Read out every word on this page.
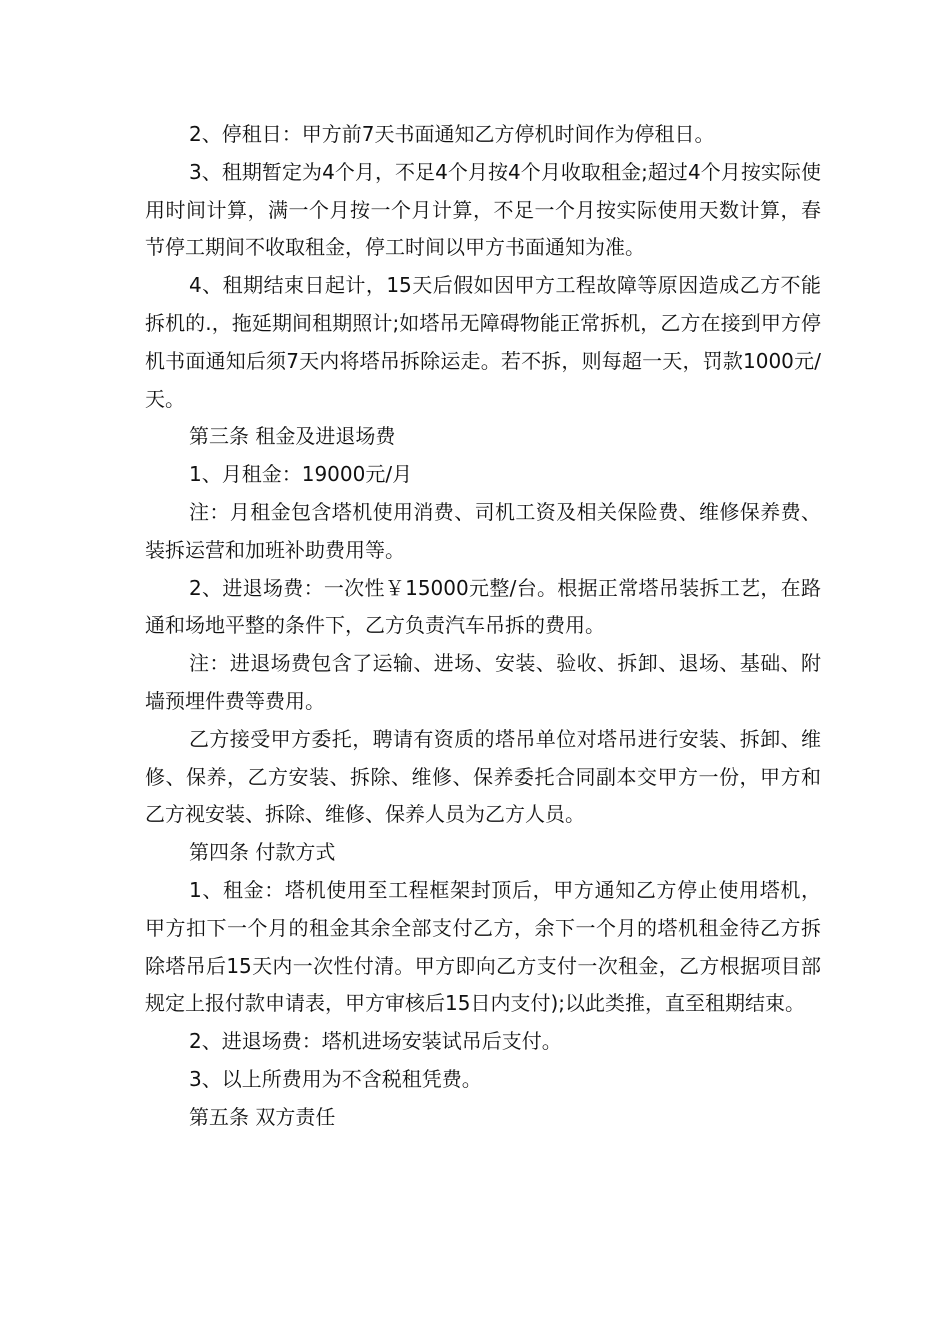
2、停租日：甲方前7天书面通知乙方停机时间作为停租日。

3、租期暂定为4个月，不足4个月按4个月收取租金;超过4个月按实际使用时间计算，满一个月按一个月计算，不足一个月按实际使用天数计算，春节停工期间不收取租金，停工时间以甲方书面通知为准。

4、租期结束日起计，15天后假如因甲方工程故障等原因造成乙方不能拆机的.，拖延期间租期照计;如塔吊无障碍物能正常拆机，乙方在接到甲方停机书面通知后须7天内将塔吊拆除运走。若不拆，则每超一天，罚款1000元/天。

第三条 租金及进退场费

1、月租金：19000元/月

注：月租金包含塔机使用消费、司机工资及相关保险费、维修保养费、装拆运营和加班补助费用等。

2、进退场费：一次性￥15000元整/台。根据正常塔吊装拆工艺，在路通和场地平整的条件下，乙方负责汽车吊拆的费用。

注：进退场费包含了运输、进场、安装、验收、拆卸、退场、基础、附墙预埋件费等费用。

乙方接受甲方委托，聘请有资质的塔吊单位对塔吊进行安装、拆卸、维修、保养，乙方安装、拆除、维修、保养委托合同副本交甲方一份，甲方和乙方视安装、拆除、维修、保养人员为乙方人员。

第四条 付款方式

1、租金：塔机使用至工程框架封顶后，甲方通知乙方停止使用塔机，甲方扣下一个月的租金其余全部支付乙方，余下一个月的塔机租金待乙方拆除塔吊后15天内一次性付清。甲方即向乙方支付一次租金，乙方根据项目部规定上报付款申请表，甲方审核后15日内支付);以此类推，直至租期结束。

2、进退场费：塔机进场安装试吊后支付。

3、以上所费用为不含税租凭费。

第五条 双方责任
